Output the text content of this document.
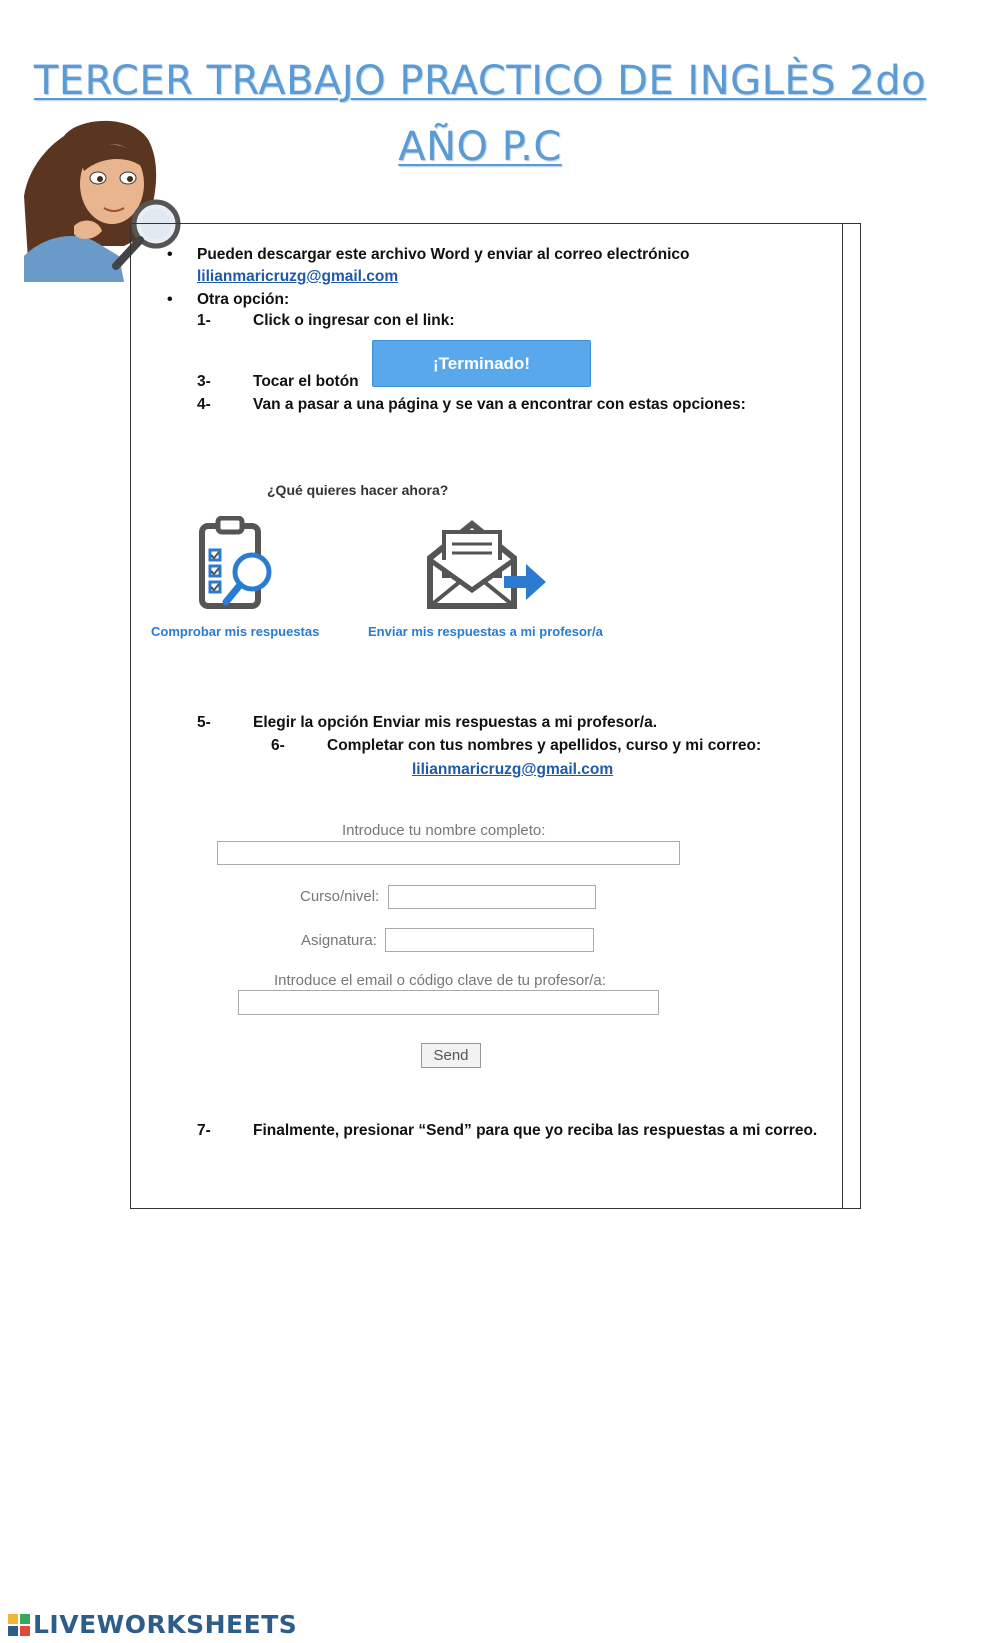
TERCER TRABAJO PRACTICO DE INGLÈS 2do
AÑO P.C
• Pueden descargar este archivo Word y enviar al correo electrónico
lilianmaricruzg@gmail.com
• Otra opción:
1-	Click o ingresar con el link:
¡Terminado!
3-	Tocar el botón
4-	Van a pasar a una página y se van a encontrar con estas opciones:
¿Qué quieres hacer ahora?
Comprobar mis respuestas	Enviar mis respuestas a mi profesor/a
5-	Elegir la opción Enviar mis respuestas a mi profesor/a.
6-	Completar con tus nombres y apellidos, curso y mi correo:
lilianmaricruzg@gmail.com
Introduce tu nombre completo:
Curso/nivel:
Asignatura:
Introduce el email o código clave de tu profesor/a:
Send
7-	Finalmente, presionar “Send” para que yo reciba las respuestas a mi correo.
LIVEWORKSHEETS
